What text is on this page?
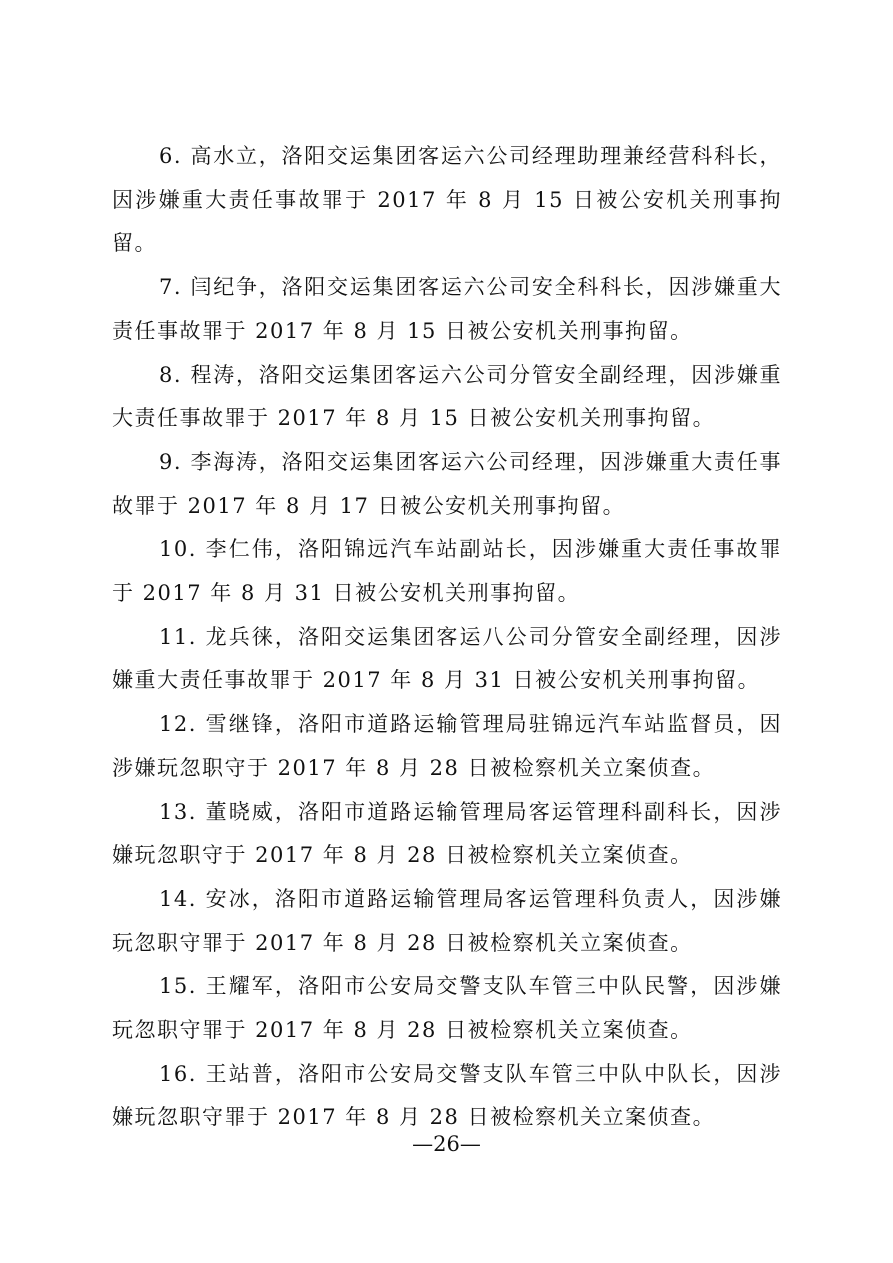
6. 高水立，洛阳交运集团客运六公司经理助理兼经营科科长，因涉嫌重大责任事故罪于 2017 年 8 月 15 日被公安机关刑事拘留。

7. 闫纪争，洛阳交运集团客运六公司安全科科长，因涉嫌重大责任事故罪于 2017 年 8 月 15 日被公安机关刑事拘留。

8. 程涛，洛阳交运集团客运六公司分管安全副经理，因涉嫌重大责任事故罪于 2017 年 8 月 15 日被公安机关刑事拘留。

9. 李海涛，洛阳交运集团客运六公司经理，因涉嫌重大责任事故罪于 2017 年 8 月 17 日被公安机关刑事拘留。

10. 李仁伟，洛阳锦远汽车站副站长，因涉嫌重大责任事故罪于 2017 年 8 月 31 日被公安机关刑事拘留。

11. 龙兵徕，洛阳交运集团客运八公司分管安全副经理，因涉嫌重大责任事故罪于 2017 年 8 月 31 日被公安机关刑事拘留。

12. 雪继锋，洛阳市道路运输管理局驻锦远汽车站监督员，因涉嫌玩忽职守于 2017 年 8 月 28 日被检察机关立案侦查。

13. 董晓威，洛阳市道路运输管理局客运管理科副科长，因涉嫌玩忽职守于 2017 年 8 月 28 日被检察机关立案侦查。

14. 安冰，洛阳市道路运输管理局客运管理科负责人，因涉嫌玩忽职守罪于 2017 年 8 月 28 日被检察机关立案侦查。

15. 王耀军，洛阳市公安局交警支队车管三中队民警，因涉嫌玩忽职守罪于 2017 年 8 月 28 日被检察机关立案侦查。

16. 王站普，洛阳市公安局交警支队车管三中队中队长，因涉嫌玩忽职守罪于 2017 年 8 月 28 日被检察机关立案侦查。

—26—
